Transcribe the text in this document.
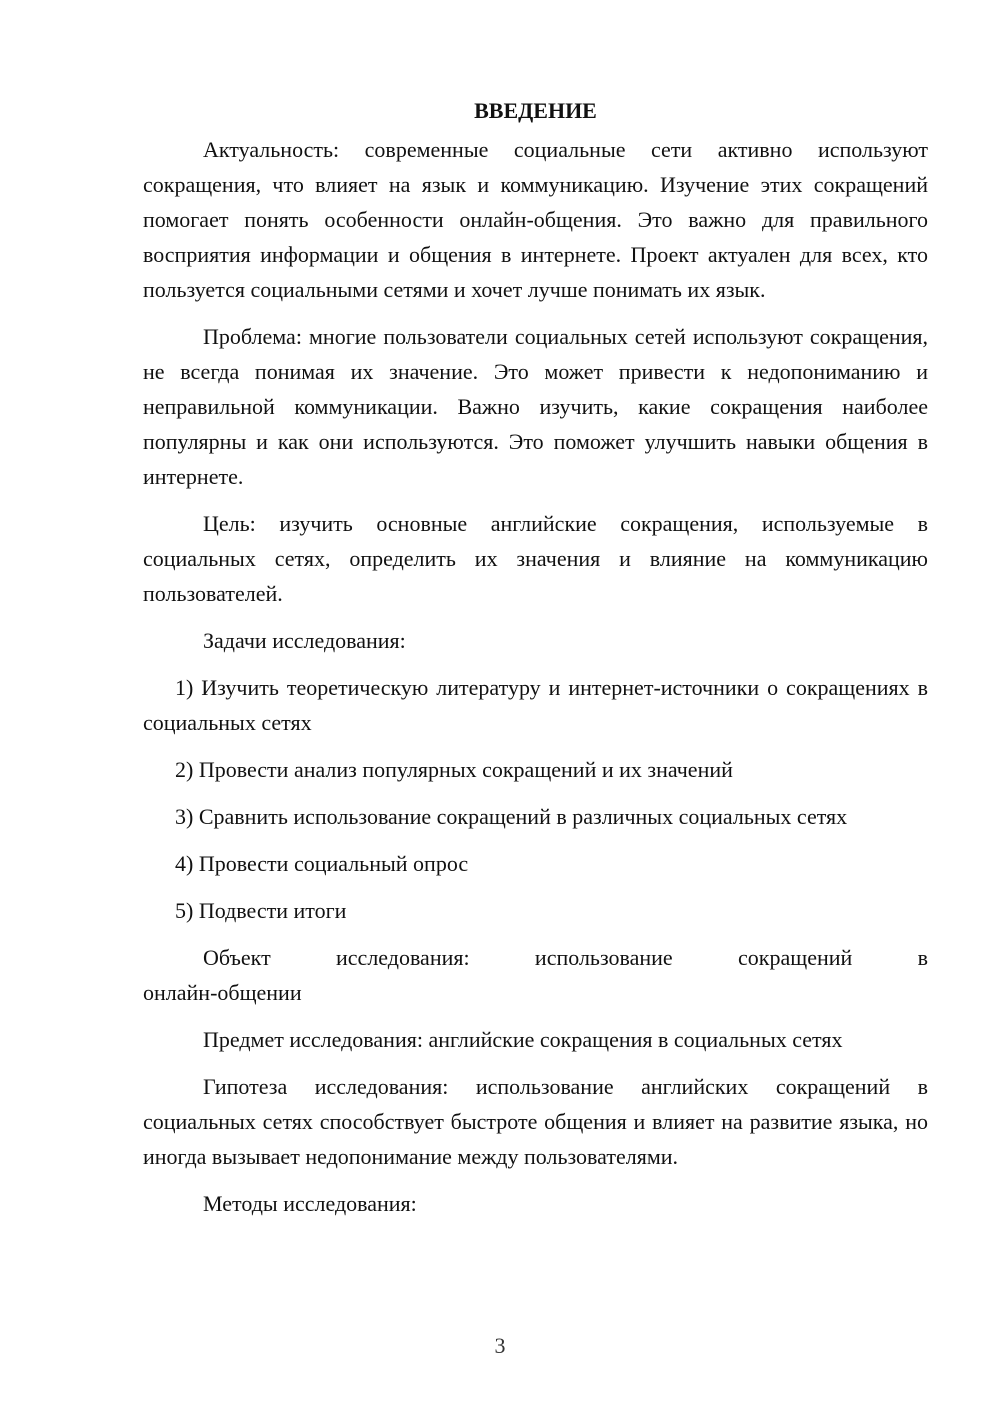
ВВЕДЕНИЕ

Актуальность: современные социальные сети активно используют сокращения, что влияет на язык и коммуникацию. Изучение этих сокращений помогает понять особенности онлайн-общения. Это важно для правильного восприятия информации и общения в интернете. Проект актуален для всех, кто пользуется социальными сетями и хочет лучше понимать их язык.

Проблема: многие пользователи социальных сетей используют сокращения, не всегда понимая их значение. Это может привести к недопониманию и неправильной коммуникации. Важно изучить, какие сокращения наиболее популярны и как они используются. Это поможет улучшить навыки общения в интернете.

Цель: изучить основные английские сокращения, используемые в социальных сетях, определить их значения и влияние на коммуникацию пользователей.

Задачи исследования:

1) Изучить теоретическую литературу и интернет-источники о сокращениях в социальных сетях

2) Провести анализ популярных сокращений и их значений

3) Сравнить использование сокращений в различных социальных сетях

4) Провести социальный опрос

5) Подвести итоги

Объект исследования: использование сокращений в

онлайн-общении

Предмет исследования: английские сокращения в социальных сетях

Гипотеза исследования: использование английских сокращений в социальных сетях способствует быстроте общения и влияет на развитие языка, но иногда вызывает недопонимание между пользователями.

Методы исследования:

3
